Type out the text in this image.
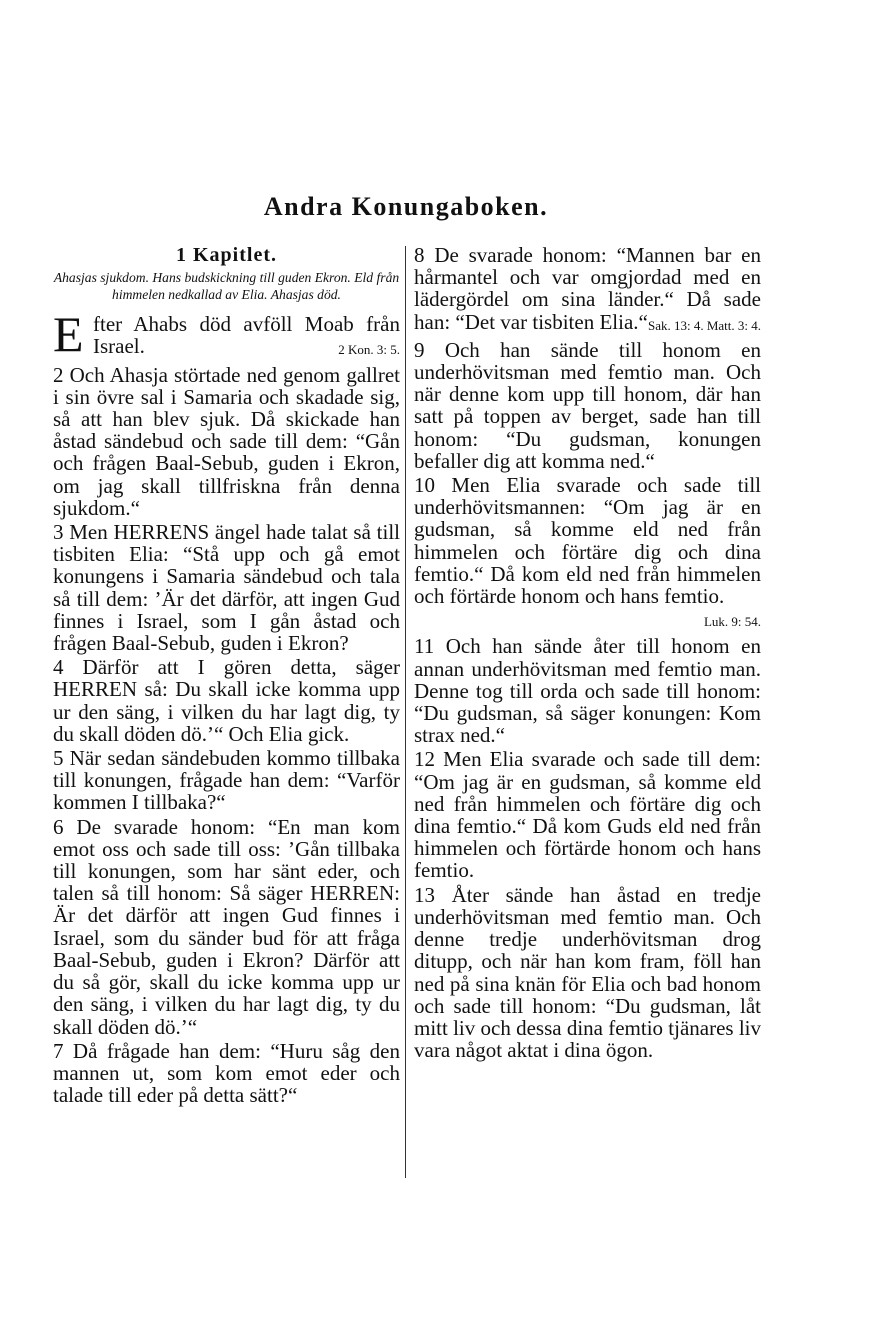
Andra Konungaboken.
1 Kapitlet.
Ahasjas sjukdom. Hans budskickning till guden Ekron. Eld från himmelen nedkallad av Elia. Ahasjas död.
E fter Ahabs död avföll Moab från Israel.	2 Kon. 3: 5.
2 Och Ahasja störtade ned genom gallret i sin övre sal i Samaria och skadade sig, så att han blev sjuk. Då skickade han åstad sändebud och sade till dem: “Gån och frågen Baal-Sebub, guden i Ekron, om jag skall tillfriskna från denna sjukdom.“
3 Men HERRENS ängel hade talat så till tisbiten Elia: “Stå upp och gå emot konungens i Samaria sändebud och tala så till dem: ’Är det därför, att ingen Gud finnes i Israel, som I gån åstad och frågen Baal-Sebub, guden i Ekron?
4 Därför att I gören detta, säger HERREN så: Du skall icke komma upp ur den säng, i vilken du har lagt dig, ty du skall döden dö.’“ Och Elia gick.
5 När sedan sändebuden kommo tillbaka till konungen, frågade han dem: “Varför kommen I tillbaka?“
6 De svarade honom: “En man kom emot oss och sade till oss: ’Gån tillbaka till konungen, som har sänt eder, och talen så till honom: Så säger HERREN: Är det därför att ingen Gud finnes i Israel, som du sänder bud för att fråga Baal-Sebub, guden i Ekron? Därför att du så gör, skall du icke komma upp ur den säng, i vilken du har lagt dig, ty du skall döden dö.’“
7 Då frågade han dem: “Huru såg den mannen ut, som kom emot eder och talade till eder på detta sätt?“
8 De svarade honom: “Mannen bar en hårmantel och var omgjordad med en lädergördel om sina länder.“ Då sade han: “Det var tisbiten Elia.“ Sak. 13: 4. Matt. 3: 4.
9 Och han sände till honom en underhövitsman med femtio man. Och när denne kom upp till honom, där han satt på toppen av berget, sade han till honom: “Du gudsman, konungen befaller dig att komma ned.“
10 Men Elia svarade och sade till underhövitsmannen: “Om jag är en gudsman, så komme eld ned från himmelen och förtäre dig och dina femtio.“ Då kom eld ned från himmelen och förtärde honom och hans femtio.
Luk. 9: 54.
11 Och han sände åter till honom en annan underhövitsman med femtio man. Denne tog till orda och sade till honom: “Du gudsman, så säger konungen: Kom strax ned.“
12 Men Elia svarade och sade till dem: “Om jag är en gudsman, så komme eld ned från himmelen och förtäre dig och dina femtio.“ Då kom Guds eld ned från himmelen och förtärde honom och hans femtio.
13 Åter sände han åstad en tredje underhövitsman med femtio man. Och denne tredje underhövitsman drog ditupp, och när han kom fram, föll han ned på sina knän för Elia och bad honom och sade till honom: “Du gudsman, låt mitt liv och dessa dina femtio tjänares liv vara något aktat i dina ögon.
